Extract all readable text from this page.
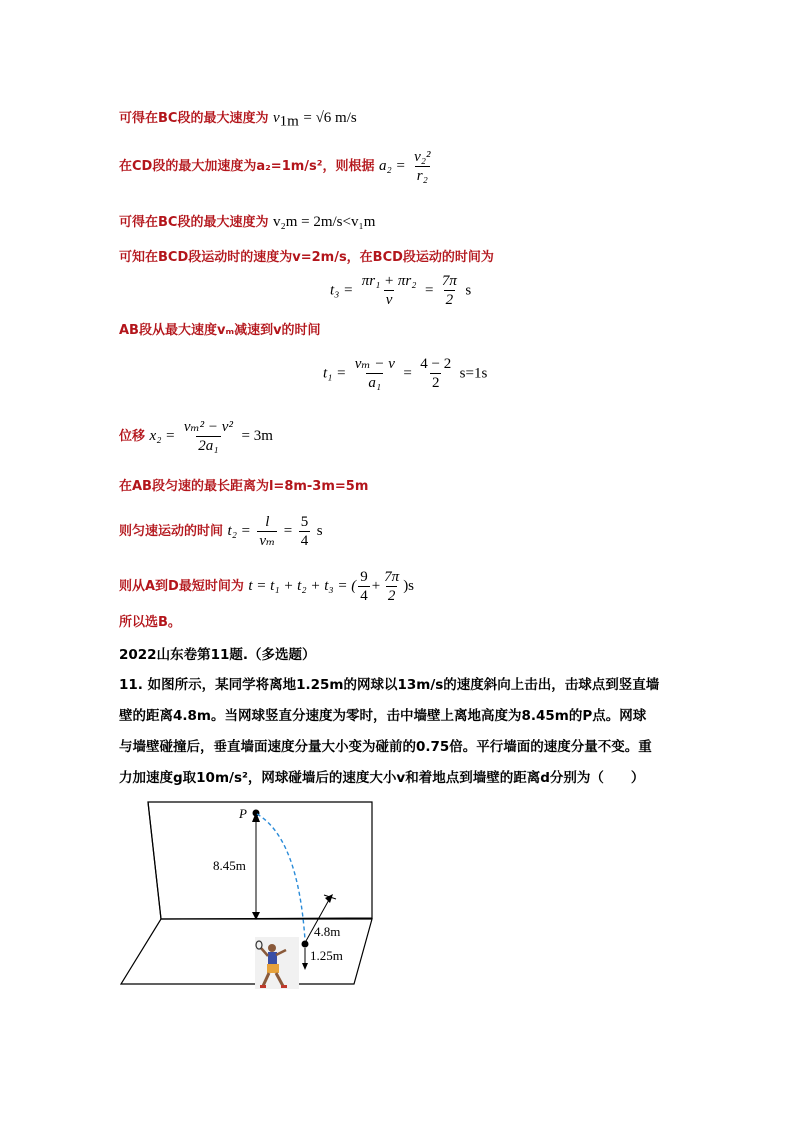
可得在BC段的最大速度为 $v_{1m} = √6$ m/s
在CD段的最大加速度为a₂=1m/s²，则根据 $a_2 = \frac{\text{v₂²}}{\text{r₂}}$
可得在BC段的最大速度为 v₂m = 2m/s<v₁m
可知在BCD段运动时的速度为v=2m/s，在BCD段运动的时间为
$t_3 = \frac{\text{πr₁ + πr₂}}{v} = \frac{7\pi}{2}$ s
AB段从最大速度vₘ减速到v的时间
$t_1 = \frac{\text{vₘ − v}}{\text{a₁}} = \frac{4 - 2}{2} s=1s$
位移 $x_2 = \frac{\text{vₘ² − v²}}{\text{2a₁}} = 3m$
在AB段匀速的最长距离为l=8m-3m=5m
则匀速运动的时间 $t_2 = \frac{l}{\text{vₘ}} = \frac{5}{4}$ s
则从A到D最短时间为 t = t₁ + t₂ + t₃ = ( $\frac{9}{4} + \frac{7\pi}{2} )s$
所以选B。
2022山东卷第11题.（多选题）
11. 如图所示，某同学将离地1.25m的网球以13m/s的速度斜向上击出，击球点到竖直墙
壁的距离4.8m。当网球竖直分速度为零时，击中墙壁上离地高度为8.45m的P点。网球
与墙壁碰撞后，垂直墙面速度分量大小变为碰前的0.75倍。平行墙面的速度分量不变。重
力加速度g取10m/s²，网球碰墙后的速度大小v和着地点到墙壁的距离d分别为（　　）
P
8.45m
4.8m
1.25m
